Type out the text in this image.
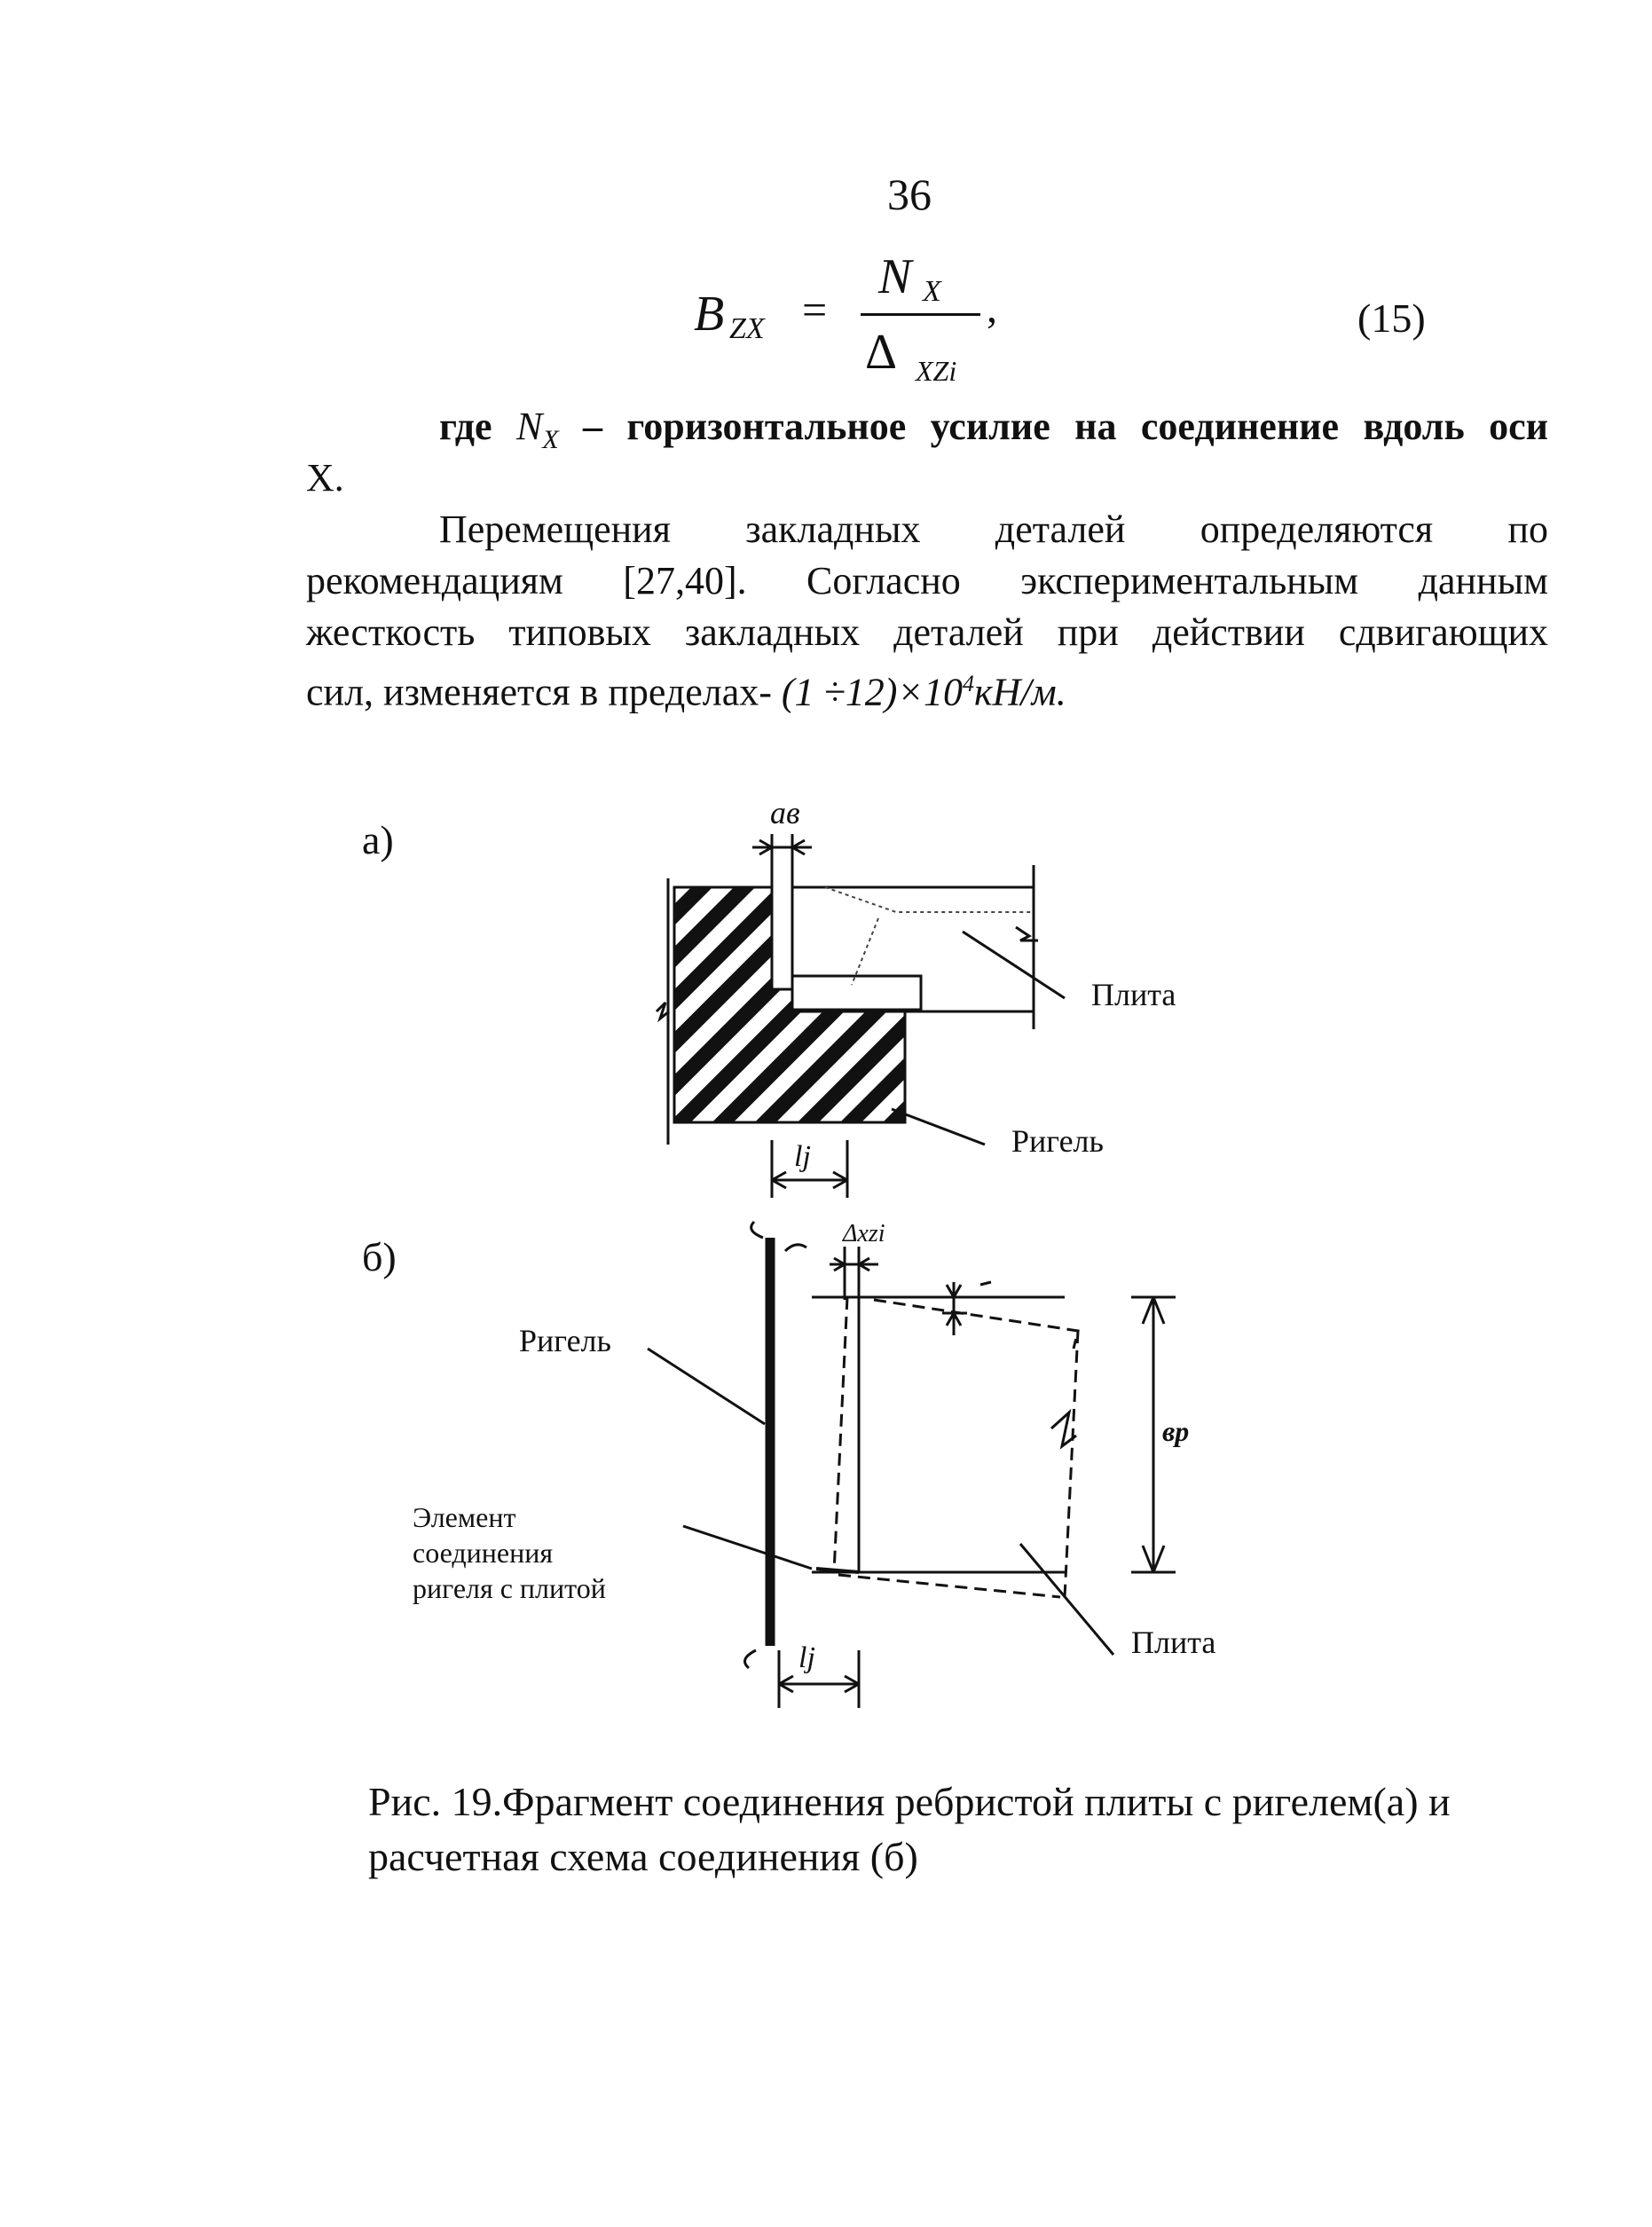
36
B ZX =
N X
Δ XZi
,	(15)
где $N_X$ – горизонтальное усилие на соединение вдоль оси
X.
Перемещения закладных деталей определяются по
рекомендациям [27,40]. Согласно экспериментальным данным
жесткость типовых закладных деталей при действии сдвигающих
сил, изменяется в пределах- $(1 \div 12)\times 10^4кН/м$.
а)
aв
lj
Плита
Ригель
б)
Δxzi
вp
lj
Ригель
Элемент
соединения
ригеля с плитой
Плита
Рис. 19.Фрагмент соединения ребристой плиты с ригелем(а) и
расчетная схема соединения (б)
